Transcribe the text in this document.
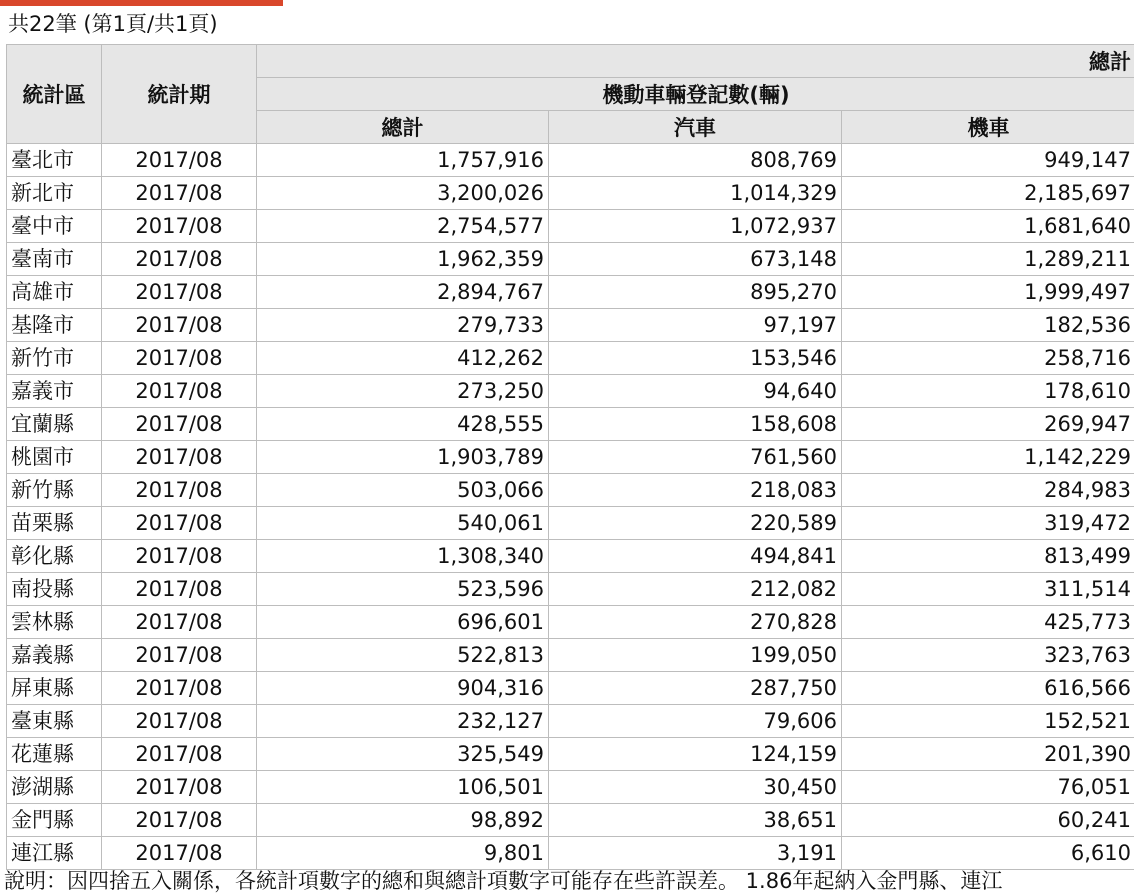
共22筆 (第1頁/共1頁)
統計區	統計期	總計		
		機動車輛登記數(輛)		
		總計	汽車	機車
臺北市	2017/08	1,757,916	808,769	949,147
新北市	2017/08	3,200,026	1,014,329	2,185,697
臺中市	2017/08	2,754,577	1,072,937	1,681,640
臺南市	2017/08	1,962,359	673,148	1,289,211
高雄市	2017/08	2,894,767	895,270	1,999,497
基隆市	2017/08	279,733	97,197	182,536
新竹市	2017/08	412,262	153,546	258,716
嘉義市	2017/08	273,250	94,640	178,610
宜蘭縣	2017/08	428,555	158,608	269,947
桃園市	2017/08	1,903,789	761,560	1,142,229
新竹縣	2017/08	503,066	218,083	284,983
苗栗縣	2017/08	540,061	220,589	319,472
彰化縣	2017/08	1,308,340	494,841	813,499
南投縣	2017/08	523,596	212,082	311,514
雲林縣	2017/08	696,601	270,828	425,773
嘉義縣	2017/08	522,813	199,050	323,763
屏東縣	2017/08	904,316	287,750	616,566
臺東縣	2017/08	232,127	79,606	152,521
花蓮縣	2017/08	325,549	124,159	201,390
澎湖縣	2017/08	106,501	30,450	76,051
金門縣	2017/08	98,892	38,651	60,241
連江縣	2017/08	9,801	3,191	6,610
說明：因四捨五入關係，各統計項數字的總和與總計項數字可能存在些許誤差。 1.86年起納入金門縣、連江
